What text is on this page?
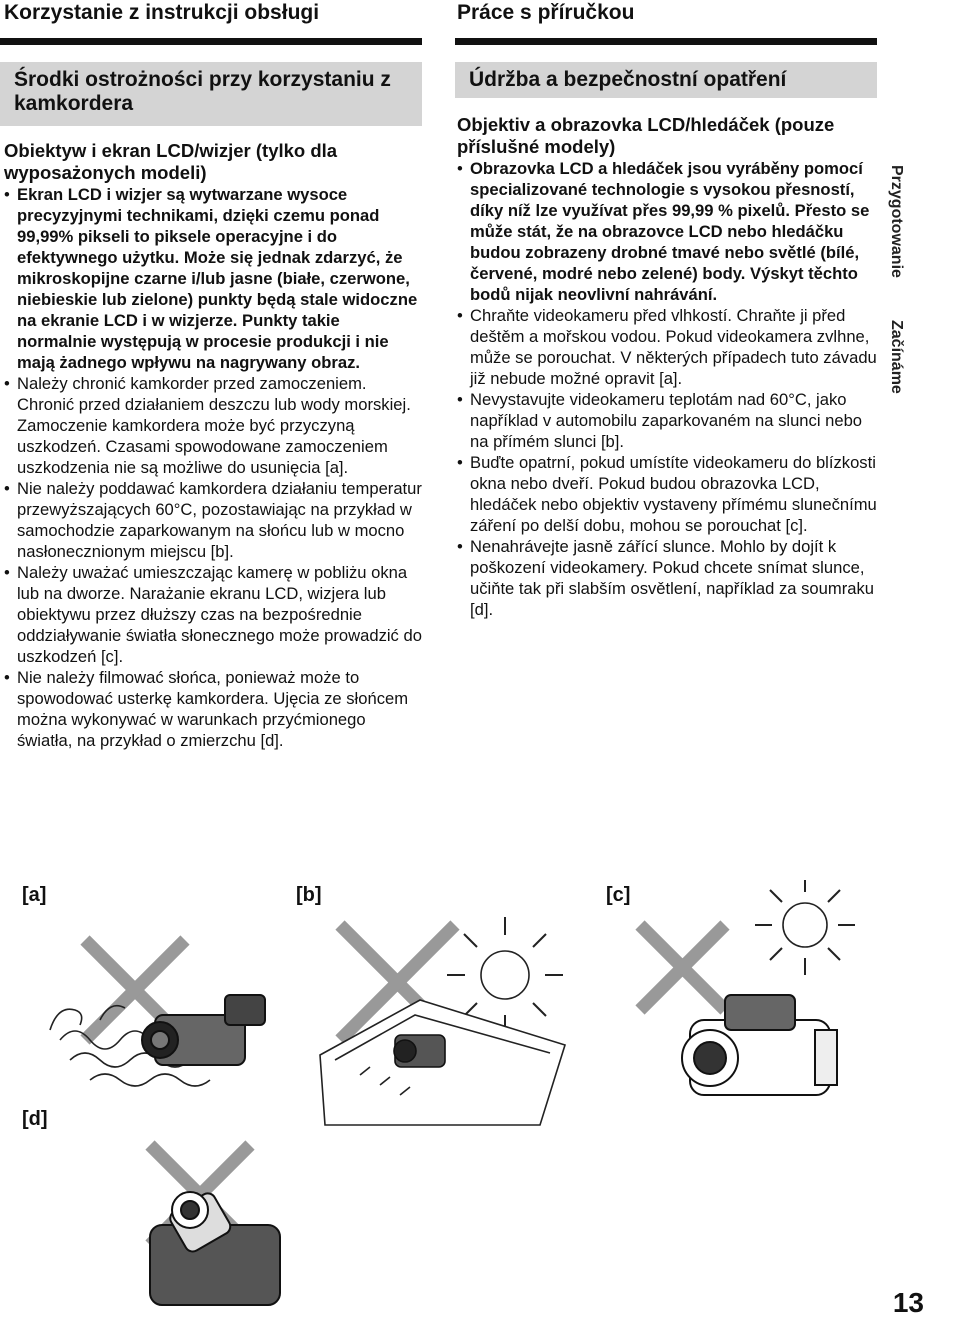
Korzystanie z instrukcji obsługi	Práce s příručkou
Środki ostrożności przy korzystaniu z kamkordera
Údržba a bezpečnostní opatření

Obiektyw i ekran LCD/wizjer (tylko dla wyposażonych modeli)

• Ekran LCD i wizjer są wytwarzane wysoce precyzyjnymi technikami, dzięki czemu ponad 99,99% pikseli to piksele operacyjne i do efektywnego użytku. Może się jednak zdarzyć, że mikroskopijne czarne i/lub jasne (białe, czerwone, niebieskie lub zielone) punkty będą stale widoczne na ekranie LCD i w wizjerze. Punkty takie normalnie występują w procesie produkcji i nie mają żadnego wpływu na nagrywany obraz.
• Należy chronić kamkorder przed zamoczeniem. Chronić przed działaniem deszczu lub wody morskiej. Zamoczenie kamkordera może być przyczyną uszkodzeń. Czasami spowodowane zamoczeniem uszkodzenia nie są możliwe do usunięcia [a].
• Nie należy poddawać kamkordera działaniu temperatur przewyższających 60°C, pozostawiając na przykład w samochodzie zaparkowanym na słońcu lub w mocno nasłonecznionym miejscu [b].
• Należy uważać umieszczając kamerę w pobliżu okna lub na dworze. Narażanie ekranu LCD, wizjera lub obiektywu przez dłuższy czas na bezpośrednie oddziaływanie światła słonecznego może prowadzić do uszkodzeń [c].
• Nie należy filmować słońca, ponieważ może to spowodować usterkę kamkordera. Ujęcia ze słońcem można wykonywać w warunkach przyćmionego światła, na przykład o zmierzchu [d].

Objektiv a obrazovka LCD/hledáček (pouze příslušné modely)

• Obrazovka LCD a hledáček jsou vyráběny pomocí specializované technologie s vysokou přesností, díky níž lze využívat přes 99,99 % pixelů. Přesto se může stát, že na obrazovce LCD nebo hledáčku budou zobrazeny drobné tmavé nebo světlé (bílé, červené, modré nebo zelené) body. Výskyt těchto bodů nijak neovlivní nahrávání.
• Chraňte videokameru před vlhkostí. Chraňte ji před deštěm a mořskou vodou. Pokud videokamera zvlhne, může se porouchat. V některých případech tuto závadu již nebude možné opravit [a].
• Nevystavujte videokameru teplotám nad 60°C, jako například v automobilu zaparkovaném na slunci nebo na přímém slunci [b].
• Buďte opatrní, pokud umístíte videokameru do blízkosti okna nebo dveří. Pokud budou obrazovka LCD, hledáček nebo objektiv vystaveny přímému slunečnímu záření po delší dobu, mohou se porouchat [c].
• Nenahrávejte jasně zářící slunce. Mohlo by dojít k poškození videokamery. Pokud chcete snímat slunce, učiňte tak při slabším osvětlení, například za soumraku [d].
Przygotowanie
Začínáme
[a]	[b]	[c]
[d]
13
